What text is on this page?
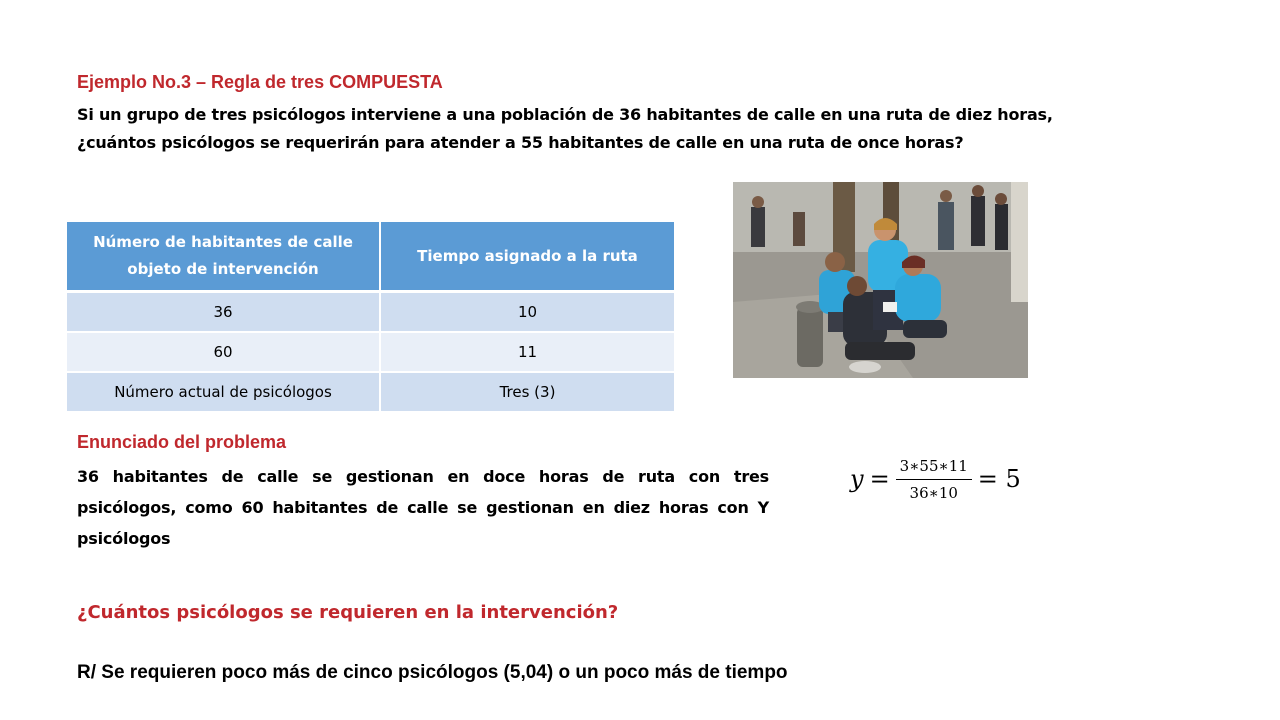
Ejemplo No.3 – Regla de tres COMPUESTA
Si un grupo de tres psicólogos interviene a una población de 36 habitantes de calle en una ruta de diez horas,
¿cuántos psicólogos se requerirán para atender a 55 habitantes de calle en una ruta de once horas?
Número de habitantes de calle objeto de intervención	Tiempo asignado a la ruta
36	10
60	11
Número actual de psicólogos	Tres (3)
Enunciado del problema
36 habitantes de calle se gestionan en doce horas de ruta con tres psicólogos, como 60 habitantes de calle se gestionan en diez horas con Y psicólogos
$y = \frac{3∗55∗11}{36∗10} = 5$
¿Cuántos psicólogos se requieren en la intervención?
R/ Se requieren poco más de cinco psicólogos (5,04) o un poco más de tiempo
